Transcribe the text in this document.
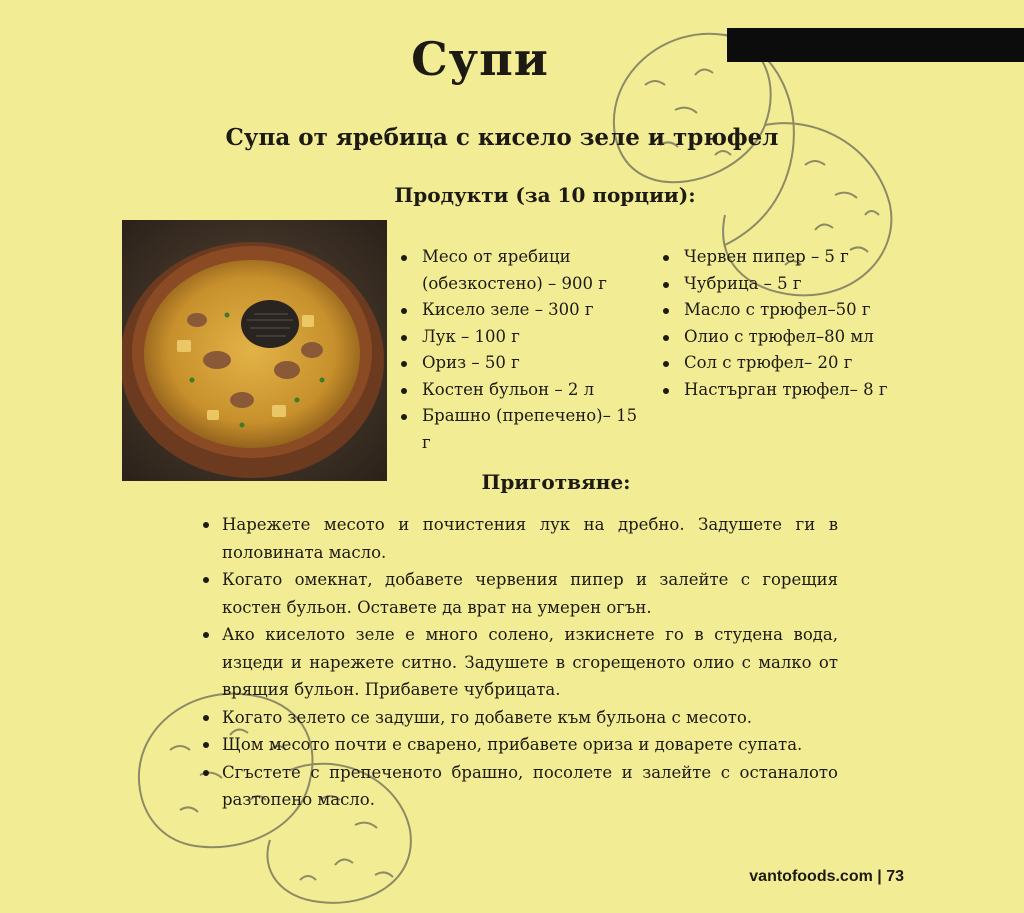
Супи
Супа от яребица с кисело зеле и трюфел
Продукти (за 10 порции):
Месо от яребици (обезкостено) – 900 г
Кисело зеле – 300 г
Лук – 100 г
Ориз – 50 г
Костен бульон – 2 л
Брашно (препечено)– 15 г
Червен пипер – 5 г
Чубрица – 5 г
Масло с трюфел–50 г
Олио с трюфел–80 мл
Сол с трюфел– 20 г
Настърган трюфел– 8 г
Приготвяне:
Нарежете месото и почистения лук на дребно. Задушете ги в половината масло.
Когато омекнат, добавете червения пипер и залейте с горещия костен бульон. Оставете да врат на умерен огън.
Ако киселото зеле е много солено, изкиснете го в студена вода, изцеди и нарежете ситно. Задушете в сгорещеното олио с малко от врящия бульон. Прибавете чубрицата.
Когато зелето се задуши, го добавете към бульона с месото.
Щом месото почти е сварено, прибавете ориза и доварете супата.
Сгъстете с препеченото брашно, посолете и залейте с останалото разтопено масло.
vantofoods.com | 73
